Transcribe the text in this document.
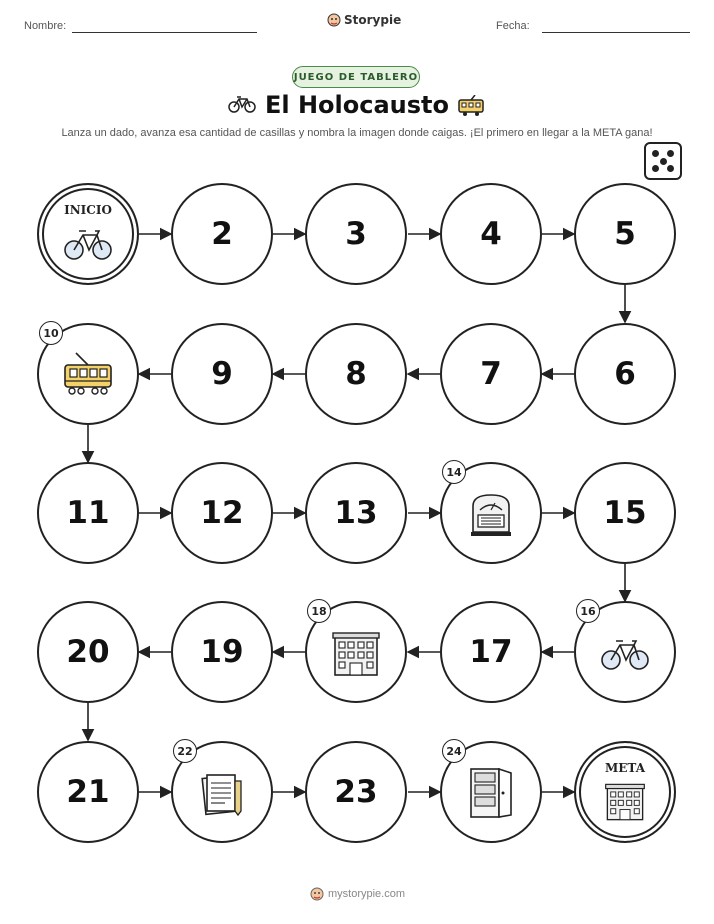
Nombre:	Storypie	Fecha:
JUEGO DE TABLERO
El Holocausto
Lanza un dado, avanza esa cantidad de casillas y nombra la imagen donde caigas. ¡El primero en llegar a la META gana!
INICIO
2	3	4	5
10
9	8	7	6
11	12	13
14
15
20	19
18
17
16
21
22
23
24
META
mystorypie.com
